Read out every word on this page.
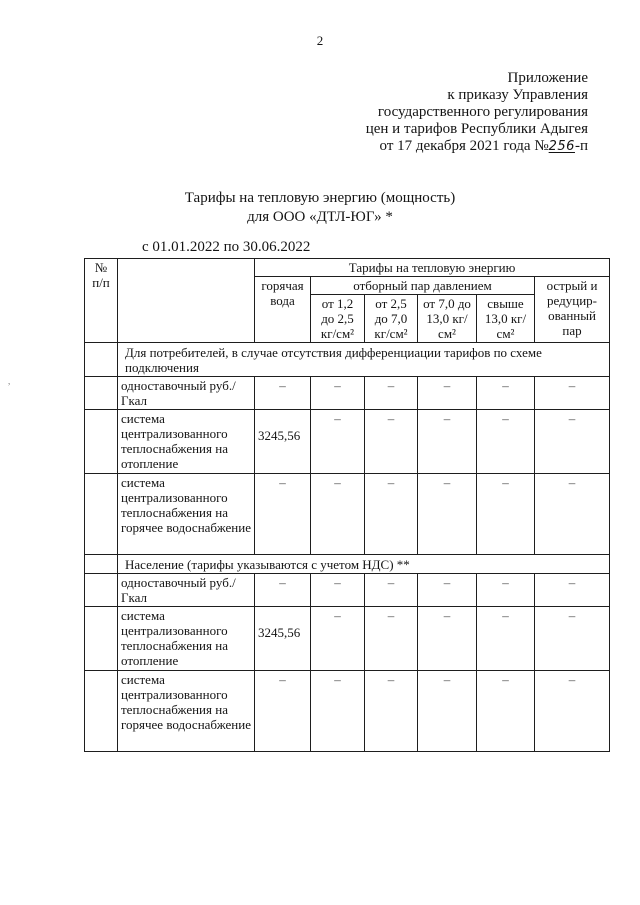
2
Приложение
к приказу Управления
государственного регулирования
цен и тарифов Республики Адыгея
от 17 декабря 2021 года №256-п
Тарифы на тепловую энергию (мощность)
для ООО «ДТЛ-ЮГ» *
с 01.01.2022 по 30.06.2022
№ п/п		Тарифы на тепловую энергию					
		горячая вода	отборный пар давлением				острый и редуцир-ованный пар
			от 1,2 до 2,5 кг/см²	от 2,5 до 7,0 кг/см²	от 7,0 до 13,0 кг/см²	свыше 13,0 кг/см²	
	Для потребителей, в случае отсутствия дифференциации тарифов по схеме подключения						
	одноставочный руб./Гкал	–	–	–	–	–	–
	система централизованного теплоснабжения на отопление	3245,56	–	–	–	–	–
	система централизованного теплоснабжения на горячее водоснабжение	–	–	–	–	–	–
	Население (тарифы указываются с учетом НДС) **						
	одноставочный руб./Гкал	–	–	–	–	–	–
	система централизованного теплоснабжения на отопление	3245,56	–	–	–	–	–
	система централизованного теплоснабжения на горячее водоснабжение	–	–	–	–	–	–
,
